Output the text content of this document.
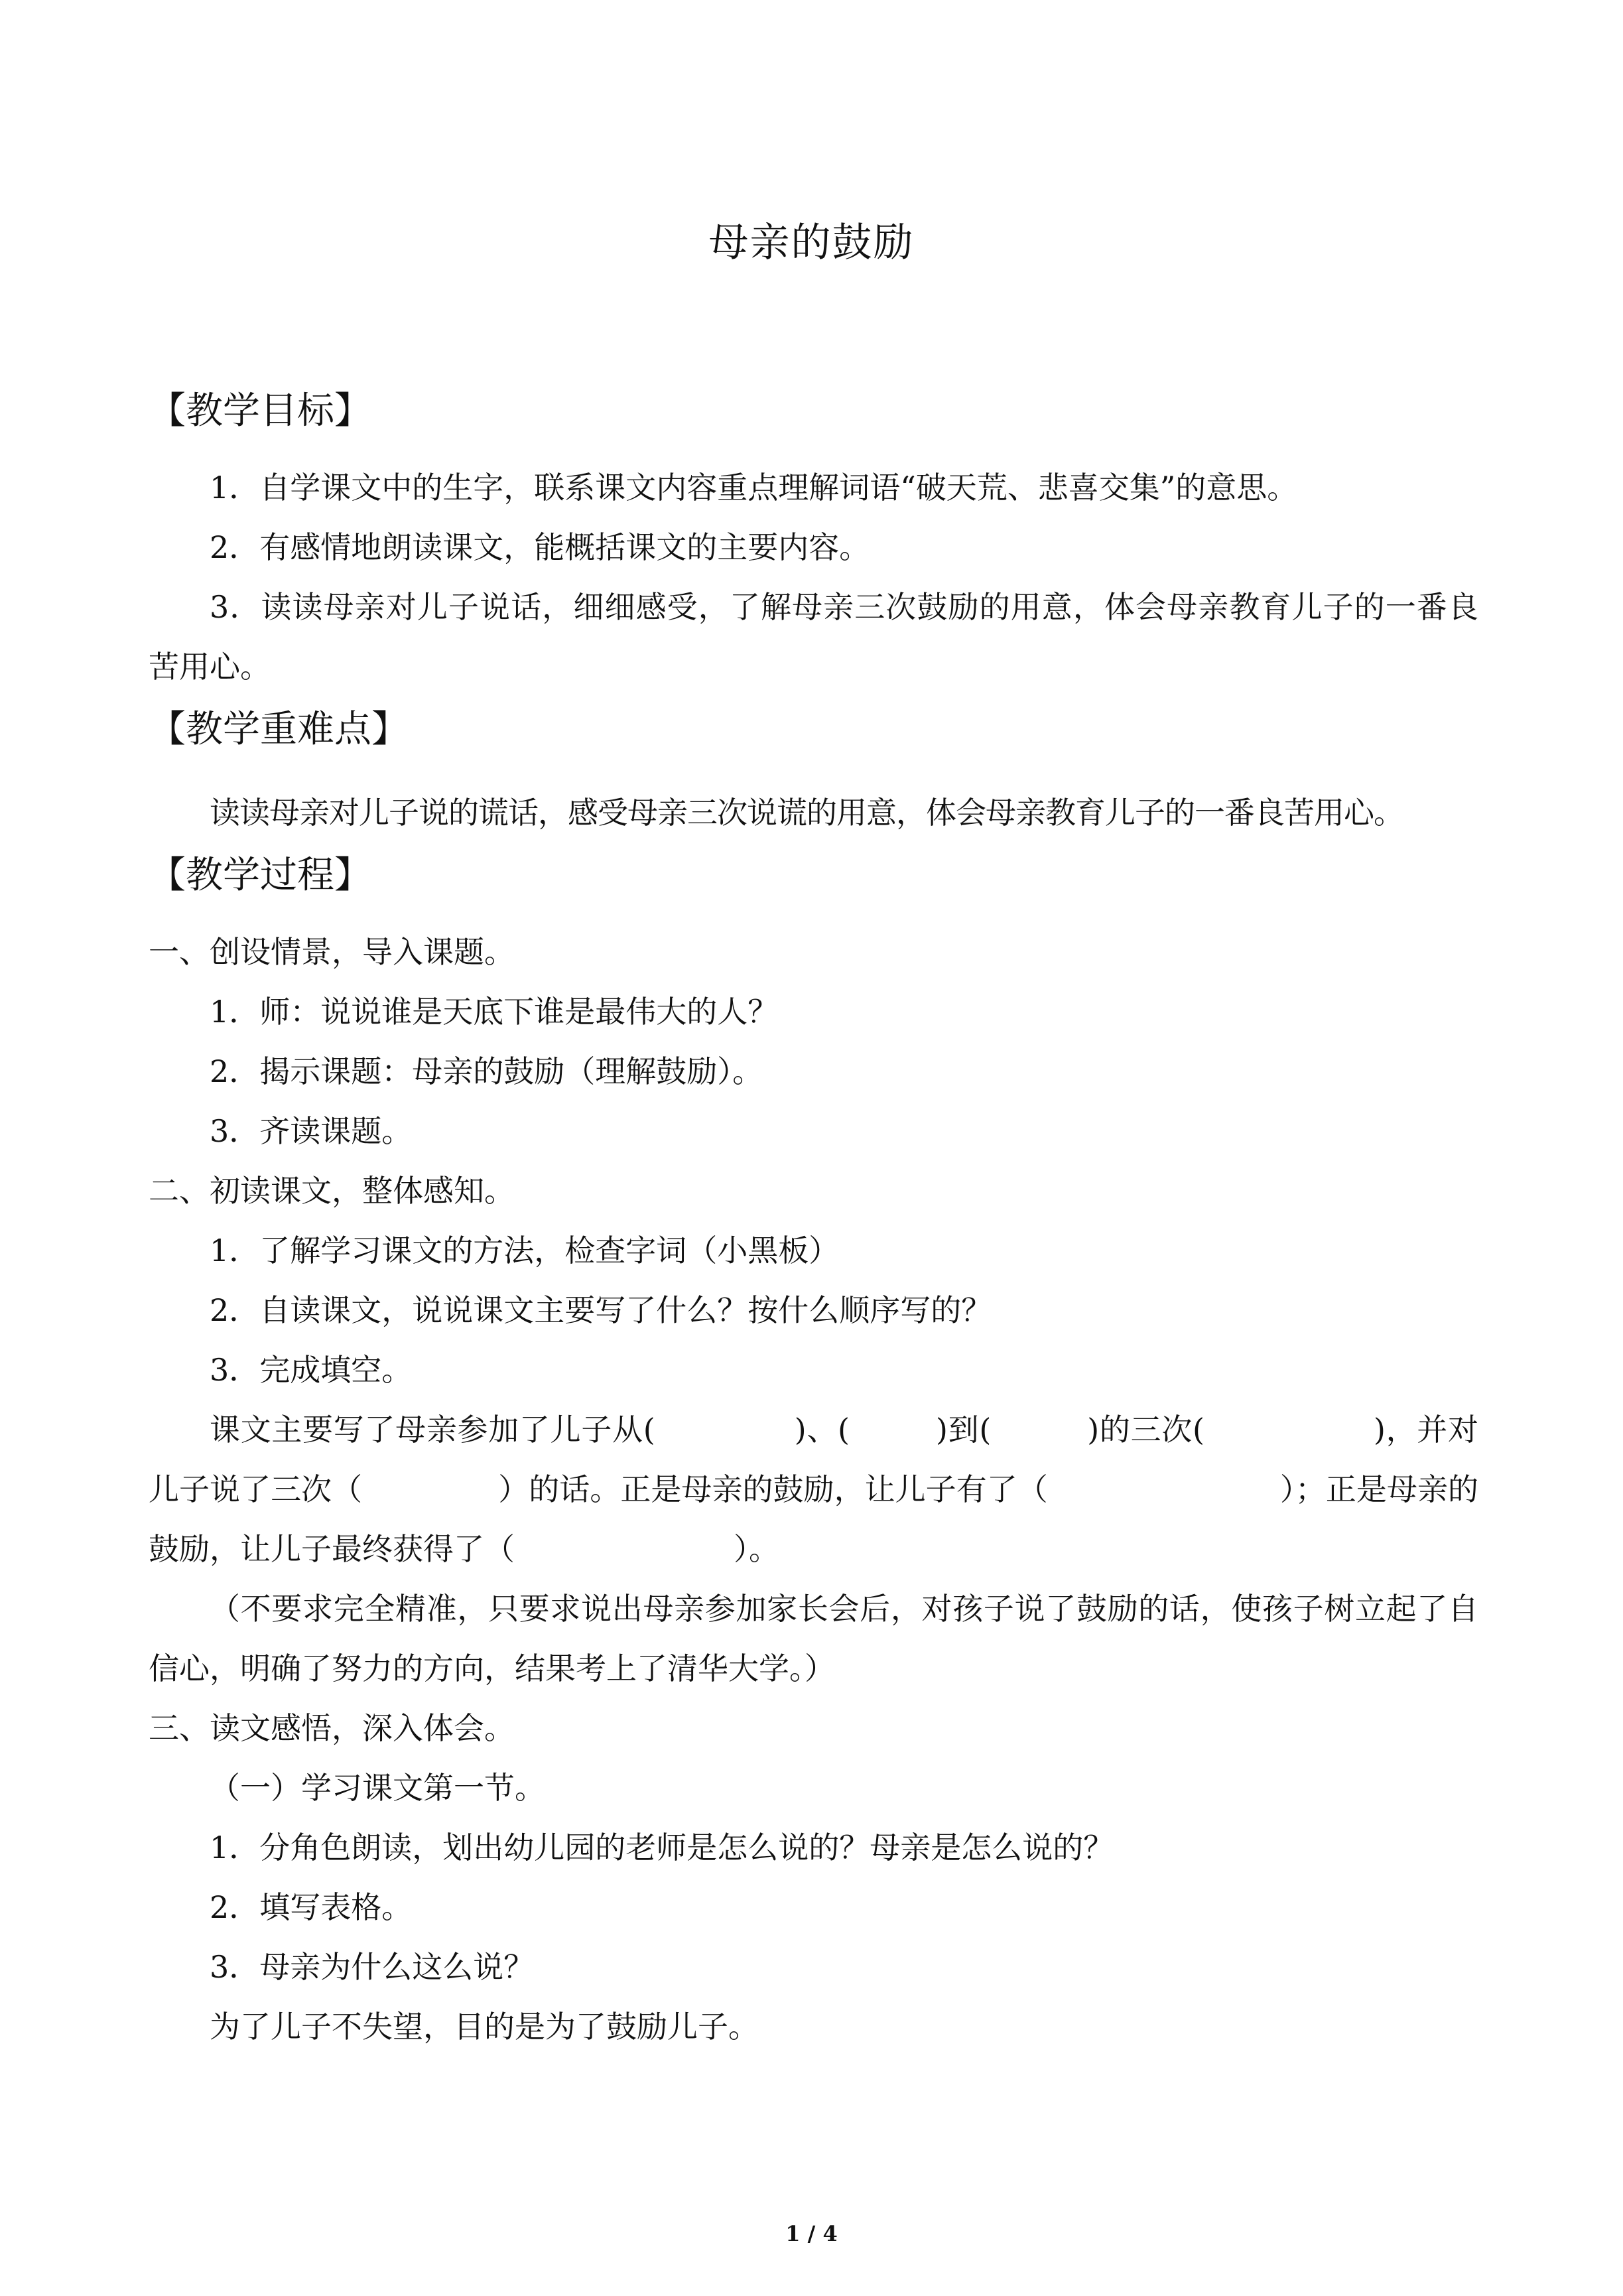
母亲的鼓励
【教学目标】

1．自学课文中的生字，联系课文内容重点理解词语“破天荒、悲喜交集”的意思。

2．有感情地朗读课文，能概括课文的主要内容。

3．读读母亲对儿子说话，细细感受，了解母亲三次鼓励的用意，体会母亲教育儿子的一番良苦用心。

【教学重难点】

读读母亲对儿子说的谎话，感受母亲三次说谎的用意，体会母亲教育儿子的一番良苦用心。

【教学过程】

一、创设情景，导入课题。

1．师：说说谁是天底下谁是最伟大的人？

2．揭示课题：母亲的鼓励（理解鼓励）。

3．齐读课题。

二、初读课文，整体感知。

1．了解学习课文的方法，检查字词（小黑板）

2．自读课文，说说课文主要写了什么？按什么顺序写的？

3．完成填空。

课文主要写了母亲参加了儿子从(	)、(	)到(	)的三次(	)，并对儿子说了三次（	）的话。正是母亲的鼓励，让儿子有了（	）；正是母亲的鼓励，让儿子最终获得了（	）。

（不要求完全精准，只要求说出母亲参加家长会后，对孩子说了鼓励的话，使孩子树立起了自信心，明确了努力的方向，结果考上了清华大学。）

三、读文感悟，深入体会。

（一）学习课文第一节。

1．分角色朗读，划出幼儿园的老师是怎么说的？母亲是怎么说的？

2．填写表格。

3．母亲为什么这么说？

为了儿子不失望，目的是为了鼓励儿子。

1 / 4
